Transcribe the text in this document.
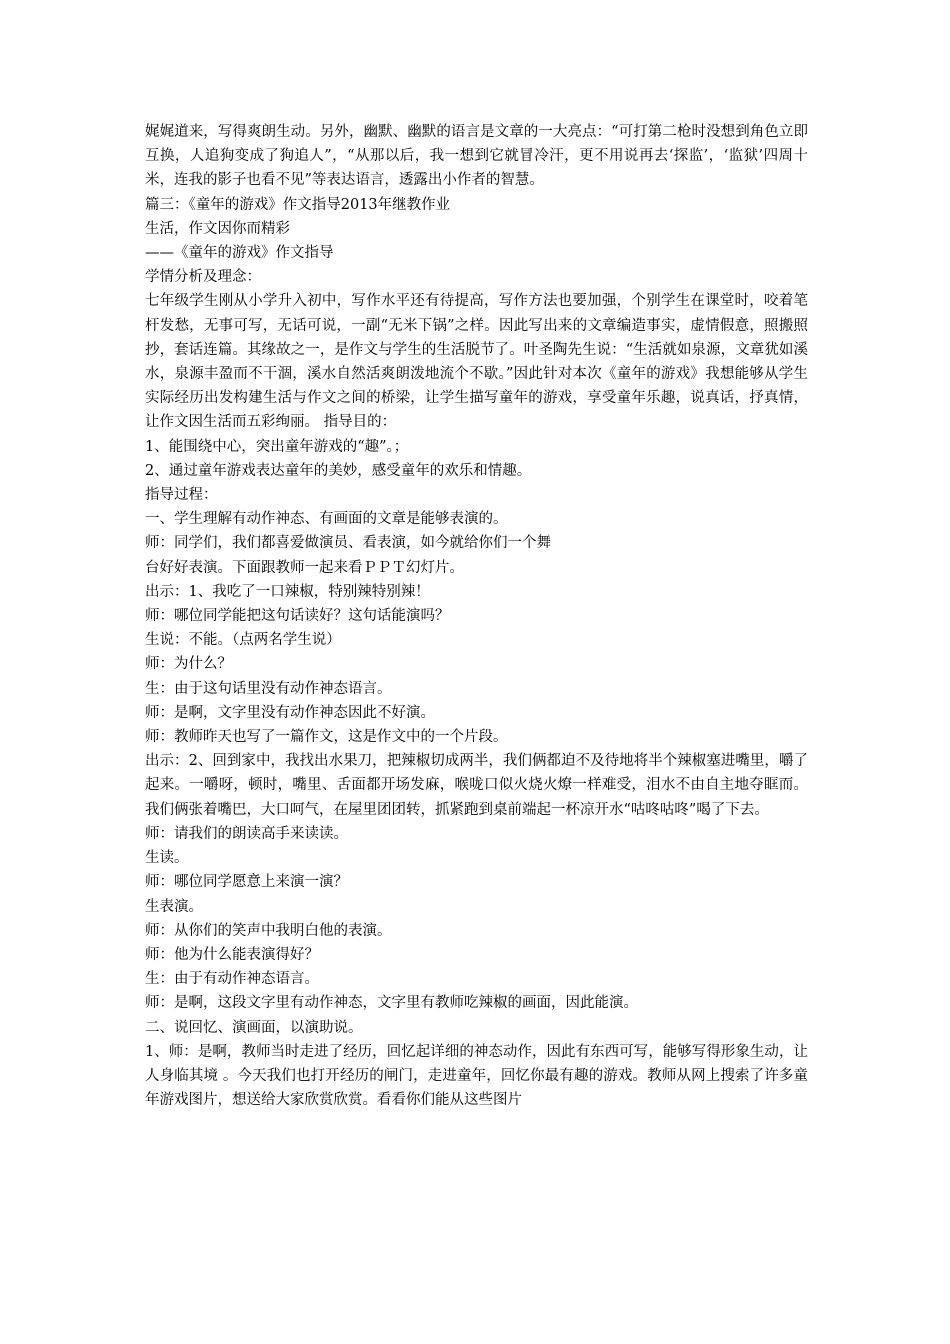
娓娓道来，写得爽朗生动。另外，幽默、幽默的语言是文章的一大亮点：“可打第二枪时没想到角色立即互换，人追狗变成了狗追人”，“从那以后，我一想到它就冒冷汗，更不用说再去‘探监’，‘监狱’四周十米，连我的影子也看不见”等表达语言，透露出小作者的智慧。

篇三：《童年的游戏》作文指导2013年继教作业

生活，作文因你而精彩

——《童年的游戏》作文指导

学情分析及理念：

七年级学生刚从小学升入初中，写作水平还有待提高，写作方法也要加强，个别学生在课堂时，咬着笔杆发愁，无事可写，无话可说，一副“无米下锅”之样。因此写出来的文章编造事实，虚情假意，照搬照抄，套话连篇。其缘故之一，是作文与学生的生活脱节了。叶圣陶先生说：“生活就如泉源，文章犹如溪水，泉源丰盈而不干涸，溪水自然活爽朗泼地流个不歇。”因此针对本次《童年的游戏》我想能够从学生实际经历出发构建生活与作文之间的桥梁，让学生描写童年的游戏，享受童年乐趣，说真话，抒真情，让作文因生活而五彩绚丽。 指导目的：

1、能围绕中心，突出童年游戏的“趣”。；

2、通过童年游戏表达童年的美妙，感受童年的欢乐和情趣。

指导过程：

一、学生理解有动作神态、有画面的文章是能够表演的。

师：同学们，我们都喜爱做演员、看表演，如今就给你们一个舞

台好好表演。下面跟教师一起来看ＰＰＴ幻灯片。

出示：1、我吃了一口辣椒，特别辣特别辣！

师：哪位同学能把这句话读好？这句话能演吗？

生说：不能。（点两名学生说）

师：为什么？

生：由于这句话里没有动作神态语言。

师：是啊，文字里没有动作神态因此不好演。

师：教师昨天也写了一篇作文，这是作文中的一个片段。

出示：2、回到家中，我找出水果刀，把辣椒切成两半，我们俩都迫不及待地将半个辣椒塞进嘴里，嚼了起来。一嚼呀，顿时，嘴里、舌面都开场发麻，喉咙口似火烧火燎一样难受，泪水不由自主地夺眶而。我们俩张着嘴巴，大口呵气，在屋里团团转，抓紧跑到桌前端起一杯凉开水“咕咚咕咚”喝了下去。

师：请我们的朗读高手来读读。

生读。

师：哪位同学愿意上来演一演？

生表演。

师：从你们的笑声中我明白他的表演。

师：他为什么能表演得好？

生：由于有动作神态语言。

师：是啊，这段文字里有动作神态，文字里有教师吃辣椒的画面，因此能演。

二、说回忆、演画面，以演助说。

1、师：是啊，教师当时走进了经历，回忆起详细的神态动作，因此有东西可写，能够写得形象生动，让人身临其境 。今天我们也打开经历的闸门，走进童年，回忆你最有趣的游戏。教师从网上搜索了许多童年游戏图片，想送给大家欣赏欣赏。看看你们能从这些图片
